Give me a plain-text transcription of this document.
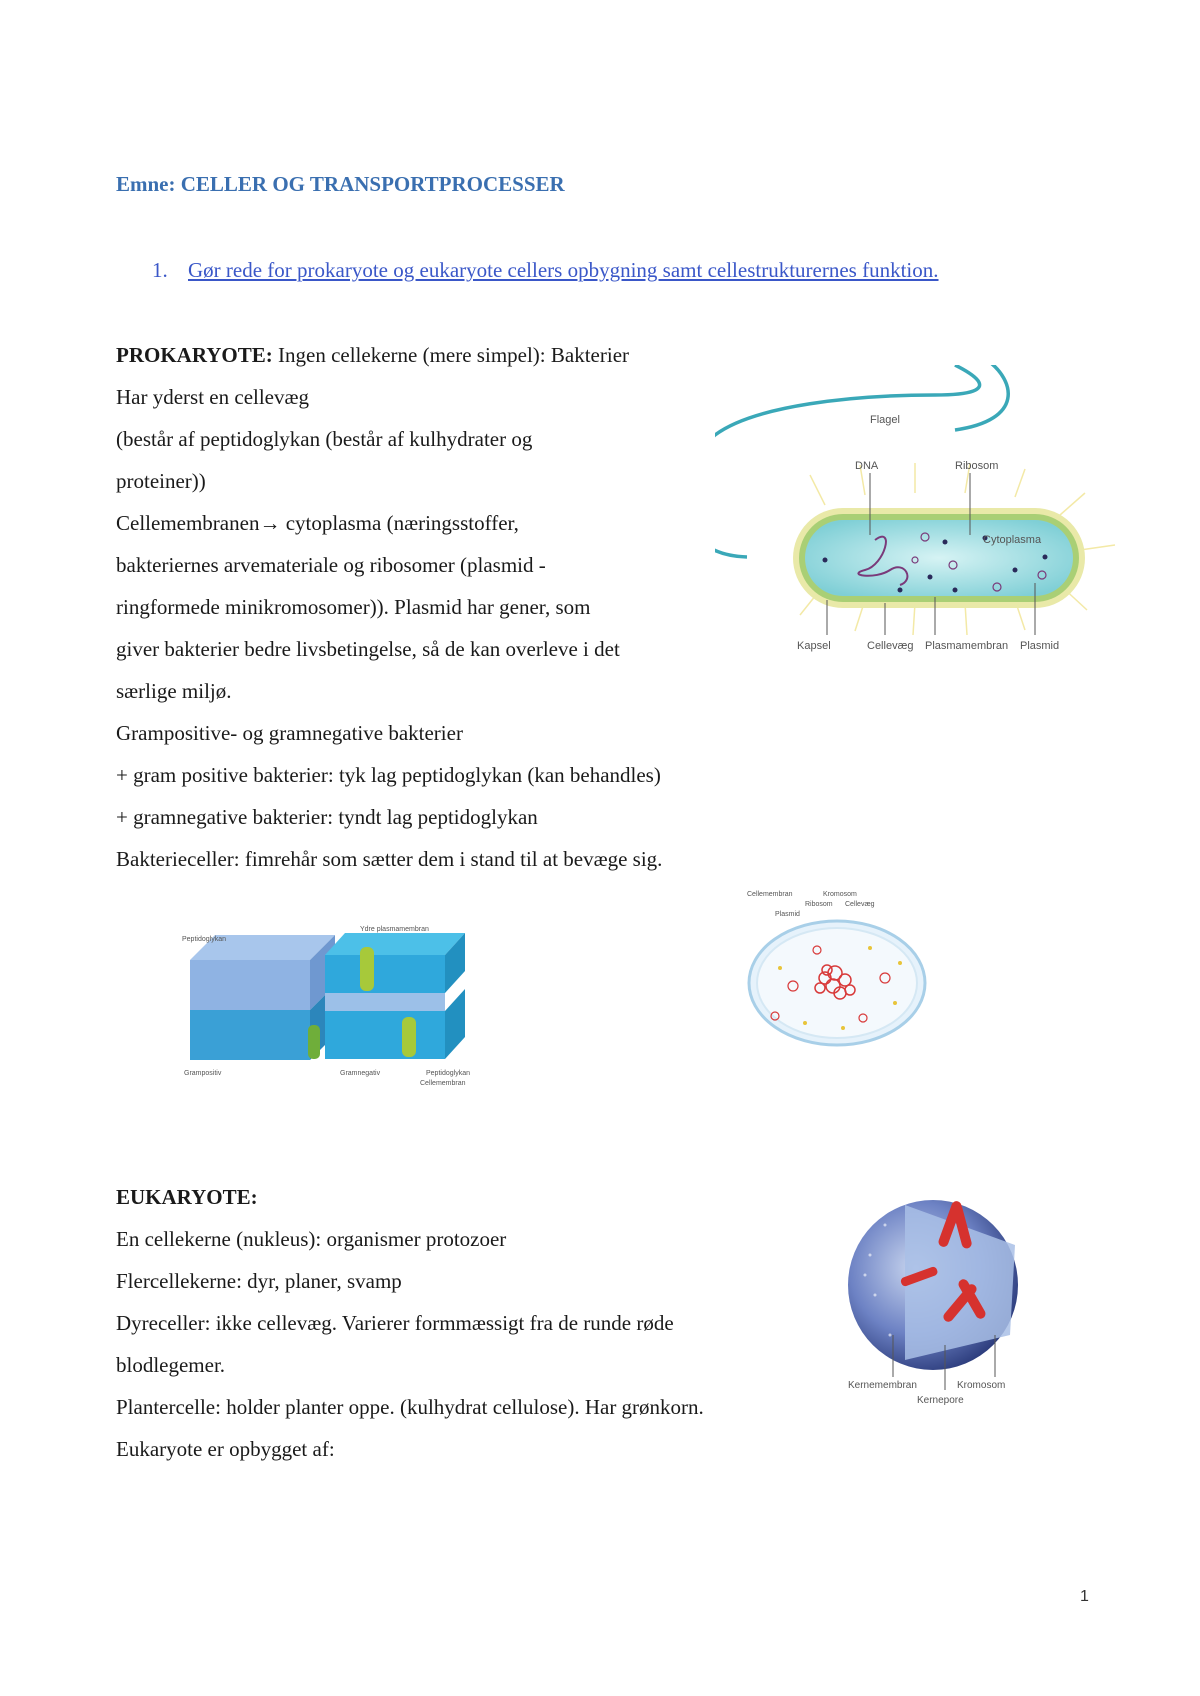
Emne: CELLER OG TRANSPORTPROCESSER
1. Gør rede for prokaryote og eukaryote cellers opbygning samt cellestrukturernes funktion.
PROKARYOTE: Ingen cellekerne (mere simpel): Bakterier
Har yderst en cellevæg
(består af peptidoglykan (består af kulhydrater og
proteiner))
Cellemembranen→ cytoplasma (næringsstoffer,
bakteriernes arvemateriale og ribosomer (plasmid -
ringformede minikromosomer)). Plasmid har gener, som
giver bakterier bedre livsbetingelse, så de kan overleve i det
særlige miljø.
Grampositive- og gramnegative bakterier
+ gram positive bakterier: tyk lag peptidoglykan (kan behandles)
+ gramnegative bakterier: tyndt lag peptidoglykan
Bakterieceller: fimrehår som sætter dem i stand til at bevæge sig.
Flagel
DNA	Ribosom
Cytoplasma
Kapsel	Cellevæg Plasmamembran Plasmid
Peptidoglykan
Ydre plasmamembran
Grampositiv	Gramnegativ	Peptidoglykan
Cellemembran
Cellemembran	Kromosom
Ribosom Cellevæg
Plasmid
EUKARYOTE:
En cellekerne (nukleus): organismer protozoer
Flercellekerne: dyr, planer, svamp
Dyreceller: ikke cellevæg. Varierer formmæssigt fra de runde røde
blodlegemer.
Plantercelle: holder planter oppe. (kulhydrat cellulose). Har grønkorn.
Eukaryote er opbygget af:
Kernemembran	Kromosom
Kernepore
1
